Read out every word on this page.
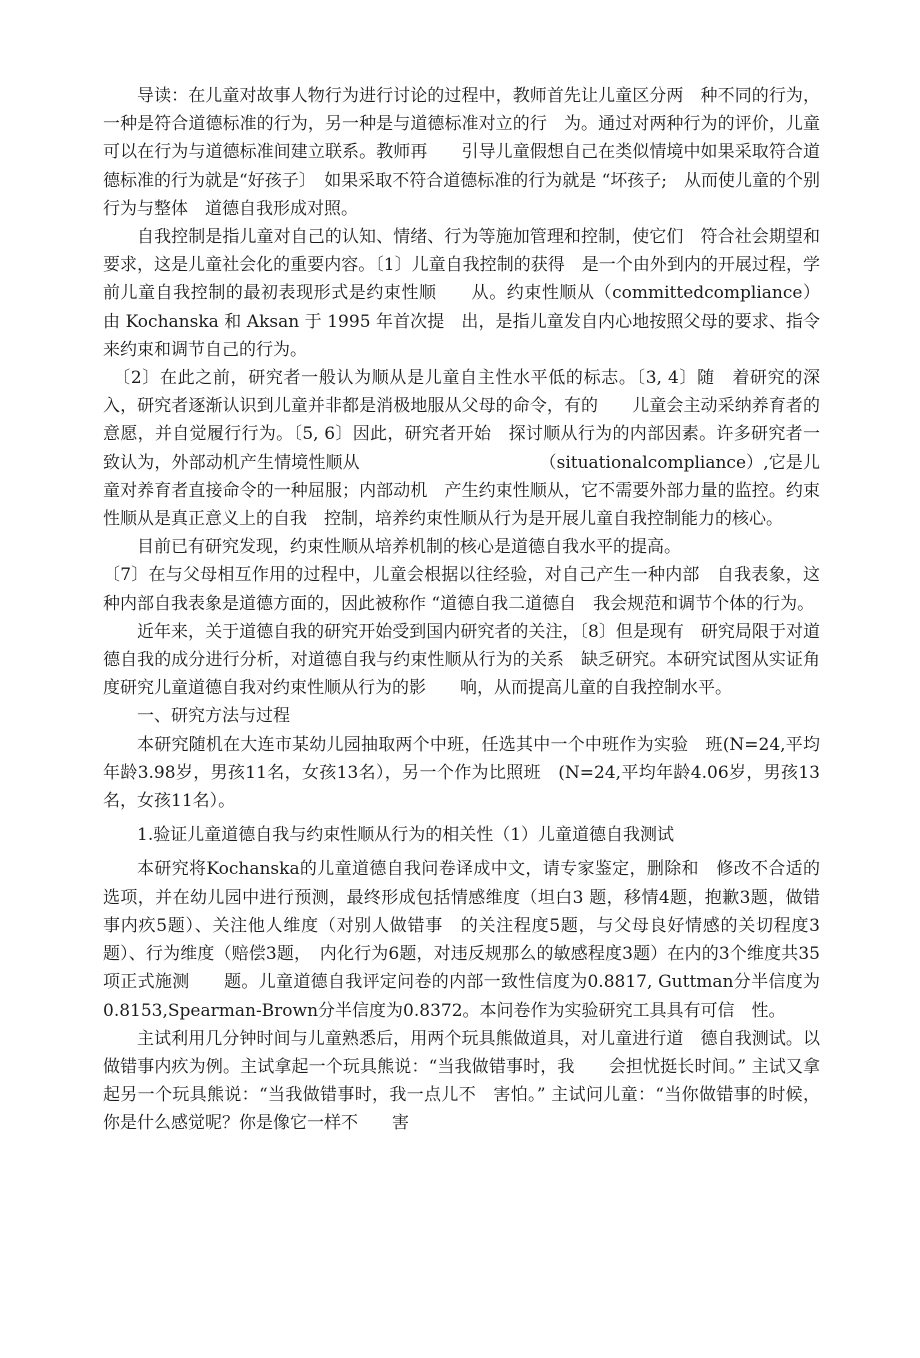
导读：在儿童对故事人物行为进行讨论的过程中，教师首先让儿童区分两　种不同的行为，一种是符合道德标准的行为，另一种是与道德标准对立的行　为。通过对两种行为的评价，儿童可以在行为与道德标准间建立联系。教师再　　引导儿童假想自己在类似情境中如果采取符合道德标准的行为就是“好孩子〕　如果采取不符合道德标准的行为就是 “坏孩子;　从而使儿童的个别行为与整体　道德自我形成对照。

自我控制是指儿童对自己的认知、情绪、行为等施加管理和控制，使它们　符合社会期望和要求，这是儿童社会化的重要内容。〔1〕儿童自我控制的获得　是一个由外到内的开展过程，学前儿童自我控制的最初表现形式是约束性顺　　从。约束性顺从（committedcompliance）由 Kochanska 和 Aksan 于 1995 年首次提　出，是指儿童发自内心地按照父母的要求、指令来约束和调节自己的行为。

〔2〕在此之前，研究者一般认为顺从是儿童自主性水平低的标志。〔3, 4〕随　着研究的深入，研究者逐渐认识到儿童并非都是消极地服从父母的命令，有的　　儿童会主动采纳养育者的意愿，并自觉履行行为。〔5, 6〕因此，研究者开始　探讨顺从行为的内部因素。许多研究者一致认为，外部动机产生情境性顺从　　　　　　　　　　　（situationalcompliance）,它是儿童对养育者直接命令的一种屈服；内部动机　产生约束性顺从，它不需要外部力量的监控。约束性顺从是真正意义上的自我　控制，培养约束性顺从行为是开展儿童自我控制能力的核心。

目前已有研究发现，约束性顺从培养机制的核心是道德自我水平的提高。

〔7〕在与父母相互作用的过程中，儿童会根据以往经验，对自己产生一种内部　自我表象，这种内部自我表象是道德方面的，因此被称作 “道德自我二道德自　我会规范和调节个体的行为。

近年来，关于道德自我的研究开始受到国内研究者的关注，〔8〕但是现有　研究局限于对道德自我的成分进行分析，对道德自我与约束性顺从行为的关系　缺乏研究。本研究试图从实证角度研究儿童道德自我对约束性顺从行为的影　　响，从而提高儿童的自我控制水平。

一、研究方法与过程

本研究随机在大连市某幼儿园抽取两个中班，任选其中一个中班作为实验　班(N=24,平均年龄3.98岁，男孩11名，女孩13名），另一个作为比照班　(N=24,平均年龄4.06岁，男孩13名，女孩11名）。

1.验证儿童道德自我与约束性顺从行为的相关性（1）儿童道德自我测试

本研究将Kochanska的儿童道德自我问卷译成中文，请专家鉴定，删除和　修改不合适的选项，并在幼儿园中进行预测，最终形成包括情感维度（坦白3 题，移情4题，抱歉3题，做错事内疚5题）、关注他人维度（对别人做错事　的关注程度5题，与父母良好情感的关切程度3题）、行为维度（赔偿3题，　内化行为6题，对违反规那么的敏感程度3题）在内的3个维度共35项正式施测　　题。儿童道德自我评定问卷的内部一致性信度为0.8817, Guttman分半信度为　0.8153,Spearman-Brown分半信度为0.8372。本问卷作为实验研究工具具有可信　性。

主试利用几分钟时间与儿童熟悉后，用两个玩具熊做道具，对儿童进行道　德自我测试。以做错事内疚为例。主试拿起一个玩具熊说：“当我做错事时，我　　会担忧挺长时间。” 主试又拿起另一个玩具熊说：“当我做错事时，我一点儿不　害怕。” 主试问儿童：“当你做错事的时候，你是什么感觉呢？你是像它一样不　　害
